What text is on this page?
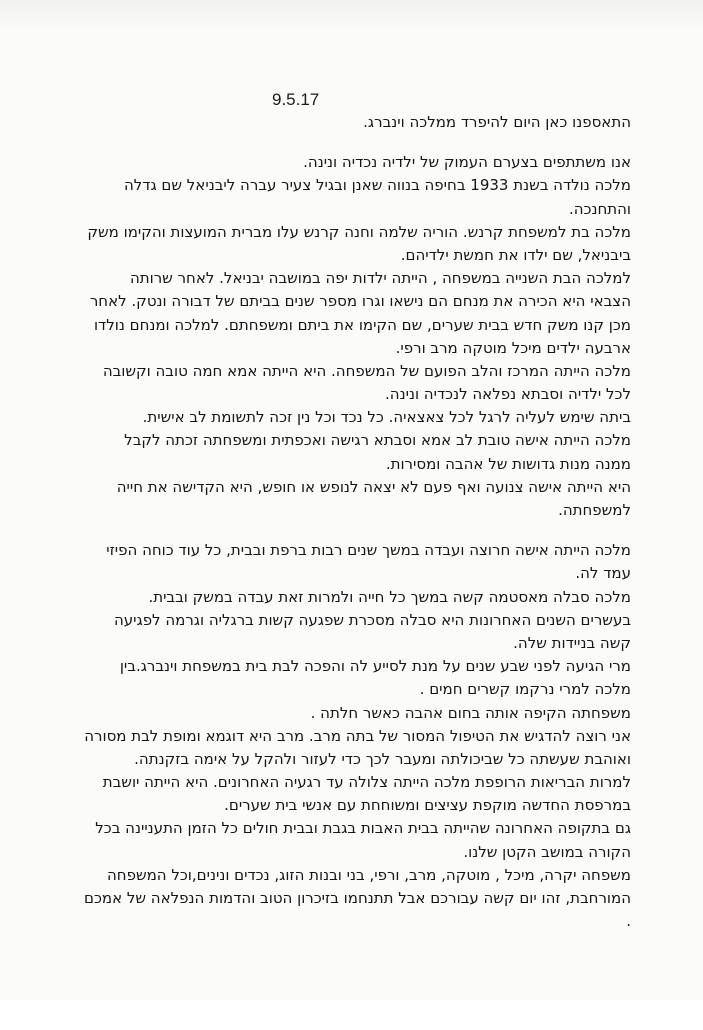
9.5.17
התאספנו כאן היום להיפרד ממלכה וינברג.
אנו משתתפים בצערם העמוק של ילדיה נכדיה ונינה.
מלכה נולדה בשנת 1933 בחיפה בנווה שאנן ובגיל צעיר עברה ליבניאל שם גדלה
והתחנכה.
מלכה בת למשפחת קרנש. הוריה שלמה וחנה קרנש עלו מברית המועצות והקימו משק
ביבניאל, שם ילדו את חמשת ילדיהם.
למלכה הבת השנייה במשפחה , הייתה ילדות יפה במושבה יבניאל. לאחר שרותה
הצבאי היא הכירה את מנחם הם נישאו וגרו מספר שנים בביתם של דבורה ונטק. לאחר
מכן קנו משק חדש בבית שערים, שם הקימו את ביתם ומשפחתם. למלכה ומנחם נולדו
ארבעה ילדים מיכל מוטקה מרב ורפי.
מלכה הייתה המרכז והלב הפועם של המשפחה. היא הייתה אמא חמה טובה וקשובה
לכל ילדיה וסבתא נפלאה לנכדיה ונינה.
ביתה שימש לעליה לרגל לכל צאצאיה. כל נכד וכל נין זכה לתשומת לב אישית.
מלכה הייתה אישה טובת לב אמא וסבתא רגישה ואכפתית ומשפחתה זכתה לקבל
ממנה מנות גדושות של אהבה ומסירות.
היא הייתה אישה צנועה ואף פעם לא יצאה לנופש או חופש, היא הקדישה את חייה
למשפחתה.
מלכה הייתה אישה חרוצה ועבדה במשך שנים רבות ברפת ובבית, כל עוד כוחה הפיזי
עמד לה.
מלכה סבלה מאסטמה קשה במשך כל חייה ולמרות זאת עבדה במשק ובבית.
בעשרים השנים האחרונות היא סבלה מסכרת שפגעה קשות ברגליה וגרמה לפגיעה
קשה בניידות שלה.
מרי הגיעה לפני שבע שנים על מנת לסייע לה והפכה לבת בית במשפחת וינברג.בין
מלכה למרי נרקמו קשרים חמים .
משפחתה הקיפה אותה בחום אהבה כאשר חלתה .
אני רוצה להדגיש את הטיפול המסור של בתה מרב. מרב היא דוגמא ומופת לבת מסורה
ואוהבת שעשתה כל שביכולתה ומעבר לכך כדי לעזור ולהקל על אימה בזקנתה.
למרות הבריאות הרופפת מלכה הייתה צלולה עד רגעיה האחרונים. היא הייתה יושבת
במרפסת החדשה מוקפת עציצים ומשוחחת עם אנשי בית שערים.
גם בתקופה האחרונה שהייתה בבית האבות בגבת ובבית חולים כל הזמן התעניינה בכל
הקורה במושב הקטן שלנו.
משפחה יקרה, מיכל , מוטקה, מרב, ורפי, בני ובנות הזוג, נכדים ונינים,וכל המשפחה
המורחבת, זהו יום קשה עבורכם אבל תתנחמו בזיכרון הטוב והדמות הנפלאה של אמכם
.
